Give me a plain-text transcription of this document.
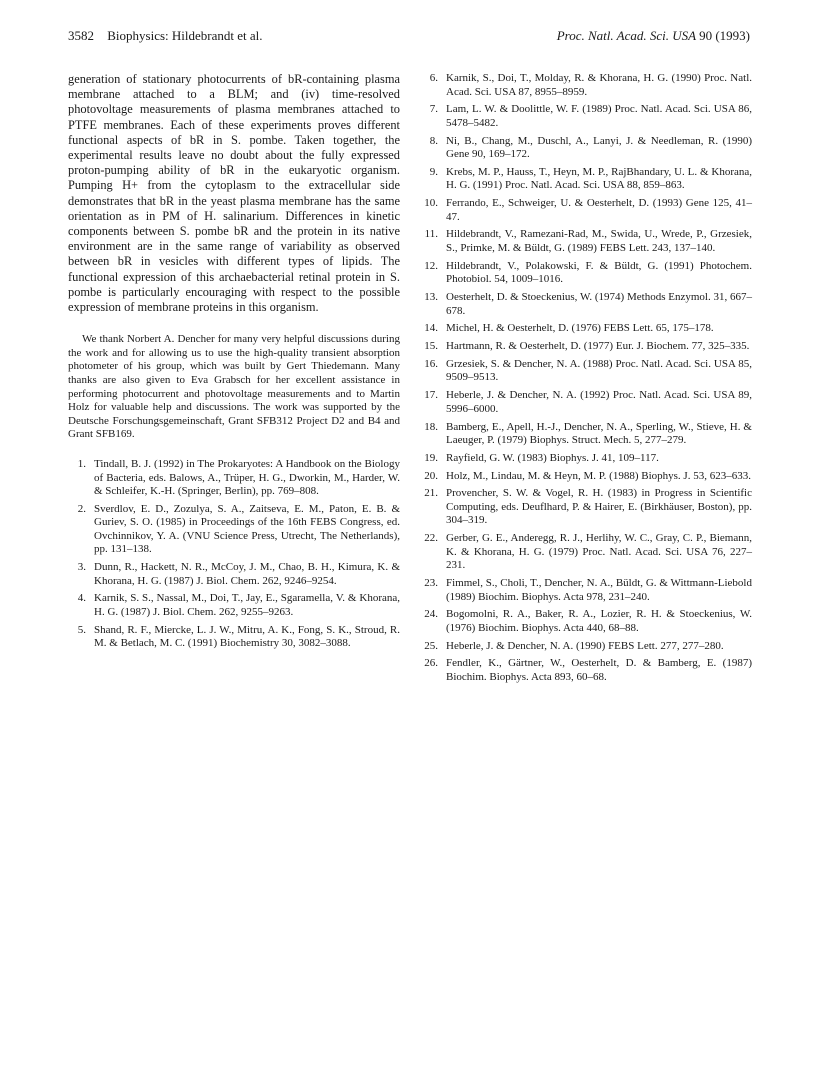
3582 Biophysics: Hildebrandt et al.	Proc. Natl. Acad. Sci. USA 90 (1993)

generation of stationary photocurrents of bR-containing plasma membrane attached to a BLM; and (iv) time-resolved photovoltage measurements of plasma membranes attached to PTFE membranes. Each of these experiments proves different functional aspects of bR in S. pombe. Taken together, the experimental results leave no doubt about the fully expressed proton-pumping ability of bR in the eukaryotic organism. Pumping H+ from the cytoplasm to the extracellular side demonstrates that bR in the yeast plasma membrane has the same orientation as in PM of H. salinarium. Differences in kinetic components between S. pombe bR and the protein in its native environment are in the same range of variability as observed between bR in vesicles with different types of lipids. The functional expression of this archaebacterial retinal protein in S. pombe is particularly encouraging with respect to the possible expression of membrane proteins in this organism.

We thank Norbert A. Dencher for many very helpful discussions during the work and for allowing us to use the high-quality transient absorption photometer of his group, which was built by Gert Thiedemann. Many thanks are also given to Eva Grabsch for her excellent assistance in performing photocurrent and photovoltage measurements and to Martin Holz for valuable help and discussions. The work was supported by the Deutsche Forschungsgemeinschaft, Grant SFB312 Project D2 and B4 and Grant SFB169.

1. Tindall, B. J. (1992) in The Prokaryotes: A Handbook on the Biology of Bacteria, eds. Balows, A., Trüper, H. G., Dworkin, M., Harder, W. & Schleifer, K.-H. (Springer, Berlin), pp. 769–808.
2. Sverdlov, E. D., Zozulya, S. A., Zaitseva, E. M., Paton, E. B. & Guriev, S. O. (1985) in Proceedings of the 16th FEBS Congress, ed. Ovchinnikov, Y. A. (VNU Science Press, Utrecht, The Netherlands), pp. 131–138.
3. Dunn, R., Hackett, N. R., McCoy, J. M., Chao, B. H., Kimura, K. & Khorana, H. G. (1987) J. Biol. Chem. 262, 9246–9254.
4. Karnik, S. S., Nassal, M., Doi, T., Jay, E., Sgaramella, V. & Khorana, H. G. (1987) J. Biol. Chem. 262, 9255–9263.
5. Shand, R. F., Miercke, L. J. W., Mitru, A. K., Fong, S. K., Stroud, R. M. & Betlach, M. C. (1991) Biochemistry 30, 3082–3088.
6. Karnik, S., Doi, T., Molday, R. & Khorana, H. G. (1990) Proc. Natl. Acad. Sci. USA 87, 8955–8959.
7. Lam, L. W. & Doolittle, W. F. (1989) Proc. Natl. Acad. Sci. USA 86, 5478–5482.
8. Ni, B., Chang, M., Duschl, A., Lanyi, J. & Needleman, R. (1990) Gene 90, 169–172.
9. Krebs, M. P., Hauss, T., Heyn, M. P., RajBhandary, U. L. & Khorana, H. G. (1991) Proc. Natl. Acad. Sci. USA 88, 859–863.
10. Ferrando, E., Schweiger, U. & Oesterhelt, D. (1993) Gene 125, 41–47.
11. Hildebrandt, V., Ramezani-Rad, M., Swida, U., Wrede, P., Grzesiek, S., Primke, M. & Büldt, G. (1989) FEBS Lett. 243, 137–140.
12. Hildebrandt, V., Polakowski, F. & Büldt, G. (1991) Photochem. Photobiol. 54, 1009–1016.
13. Oesterhelt, D. & Stoeckenius, W. (1974) Methods Enzymol. 31, 667–678.
14. Michel, H. & Oesterhelt, D. (1976) FEBS Lett. 65, 175–178.
15. Hartmann, R. & Oesterhelt, D. (1977) Eur. J. Biochem. 77, 325–335.
16. Grzesiek, S. & Dencher, N. A. (1988) Proc. Natl. Acad. Sci. USA 85, 9509–9513.
17. Heberle, J. & Dencher, N. A. (1992) Proc. Natl. Acad. Sci. USA 89, 5996–6000.
18. Bamberg, E., Apell, H.-J., Dencher, N. A., Sperling, W., Stieve, H. & Laeuger, P. (1979) Biophys. Struct. Mech. 5, 277–279.
19. Rayfield, G. W. (1983) Biophys. J. 41, 109–117.
20. Holz, M., Lindau, M. & Heyn, M. P. (1988) Biophys. J. 53, 623–633.
21. Provencher, S. W. & Vogel, R. H. (1983) in Progress in Scientific Computing, eds. Deuflhard, P. & Hairer, E. (Birkhäuser, Boston), pp. 304–319.
22. Gerber, G. E., Anderegg, R. J., Herlihy, W. C., Gray, C. P., Biemann, K. & Khorana, H. G. (1979) Proc. Natl. Acad. Sci. USA 76, 227–231.
23. Fimmel, S., Choli, T., Dencher, N. A., Büldt, G. & Wittmann-Liebold (1989) Biochim. Biophys. Acta 978, 231–240.
24. Bogomolni, R. A., Baker, R. A., Lozier, R. H. & Stoeckenius, W. (1976) Biochim. Biophys. Acta 440, 68–88.
25. Heberle, J. & Dencher, N. A. (1990) FEBS Lett. 277, 277–280.
26. Fendler, K., Gärtner, W., Oesterhelt, D. & Bamberg, E. (1987) Biochim. Biophys. Acta 893, 60–68.
